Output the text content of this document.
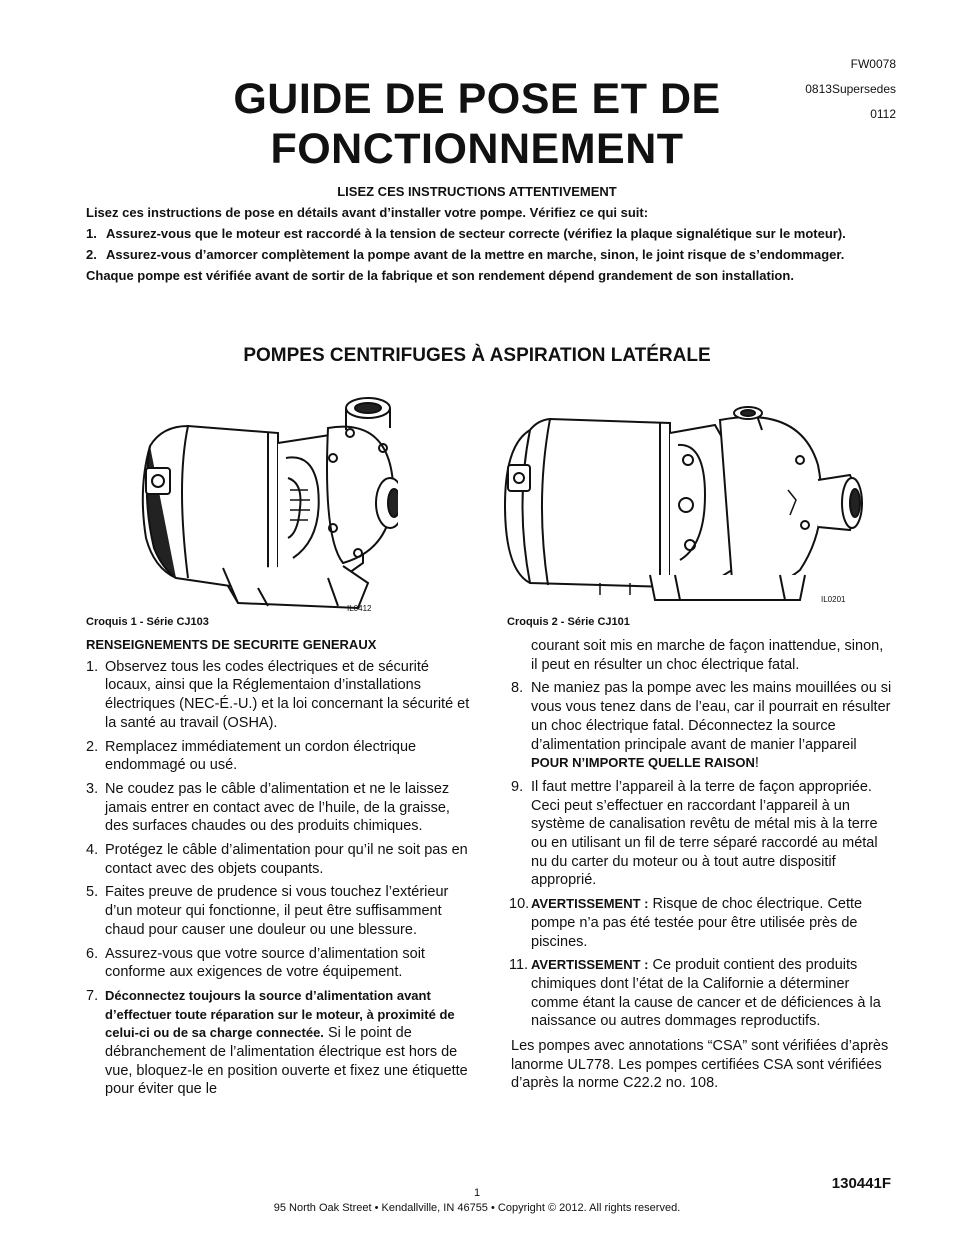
FW0078
0813Supersedes
0112
GUIDE DE POSE ET DE
FONCTIONNEMENT
LISEZ CES INSTRUCTIONS ATTENTIVEMENT

Lisez ces instructions de pose en détails avant d’installer votre pompe. Vérifiez ce qui suit:

1. Assurez-vous que le moteur est raccordé à la tension de secteur correcte (vérifiez la plaque signalétique sur le moteur).
2. Assurez-vous d’amorcer complètement la pompe avant de la mettre en marche, sinon, le joint risque de s’endommager.

Chaque pompe est vérifiée avant de sortir de la fabrique et son rendement dépend grandement de son installation.

POMPES CENTRIFUGES À ASPIRATION LATÉRALE
IL0412
IL0201
Croquis 1 - Série CJ103	Croquis 2 - Série CJ101
RENSEIGNEMENTS DE SECURITE GENERAUX
1. Observez tous les codes électriques et de sécurité locaux, ainsi que la Réglementaion d’installations électriques (NEC-É.-U.) et la loi concernant la sécurité et la santé au travail (OSHA).
2. Remplacez immédiatement un cordon électrique endommagé ou usé.
3. Ne coudez pas le câble d’alimentation et ne le laissez jamais entrer en contact avec de l’huile, de la graisse, des surfaces chaudes ou des produits chimiques.
4. Protégez le câble d’alimentation pour qu’il ne soit pas en contact avec des objets coupants.
5. Faites preuve de prudence si vous touchez l’extérieur d’un moteur qui fonctionne, il peut être suffisamment chaud pour causer une douleur ou une blessure.
6. Assurez-vous que votre source d’alimentation soit conforme aux exigences de votre équipement.
7. Déconnectez toujours la source d’alimentation avant d’effectuer toute réparation sur le moteur, à proximité de celui-ci ou de sa charge connectée. Si le point de débranchement de l’alimentation électrique est hors de vue, bloquez-le en position ouverte et fixez une étiquette pour éviter que le
courant soit mis en marche de façon inattendue, sinon, il peut en résulter un choc électrique fatal.
8. Ne maniez pas la pompe avec les mains mouillées ou si vous vous tenez dans de l’eau, car il pourrait en résulter un choc électrique fatal. Déconnectez la source d’alimentation principale avant de manier l’appareil POUR N’IMPORTE QUELLE RAISON!
9. Il faut mettre l’appareil à la terre de façon appropriée. Ceci peut s’effectuer en raccordant l’appareil à un système de canalisation revêtu de métal mis à la terre ou en utilisant un fil de terre séparé raccordé au métal nu du carter du moteur ou à tout autre dispositif approprié.
10. AVERTISSEMENT : Risque de choc électrique. Cette pompe n’a pas été testée pour être utilisée près de piscines.
11. AVERTISSEMENT : Ce produit contient des produits chimiques dont l’état de la Californie a déterminer comme étant la cause de cancer et de déficiences à la naissance ou autres dommages reproductifs.
Les pompes avec annotations “CSA” sont vérifiées d’après lanorme UL778. Les pompes certifiées CSA sont vérifiées d’après la norme C22.2 no. 108.
130441F
1
95 North Oak Street • Kendallville, IN 46755 • Copyright © 2012. All rights reserved.
